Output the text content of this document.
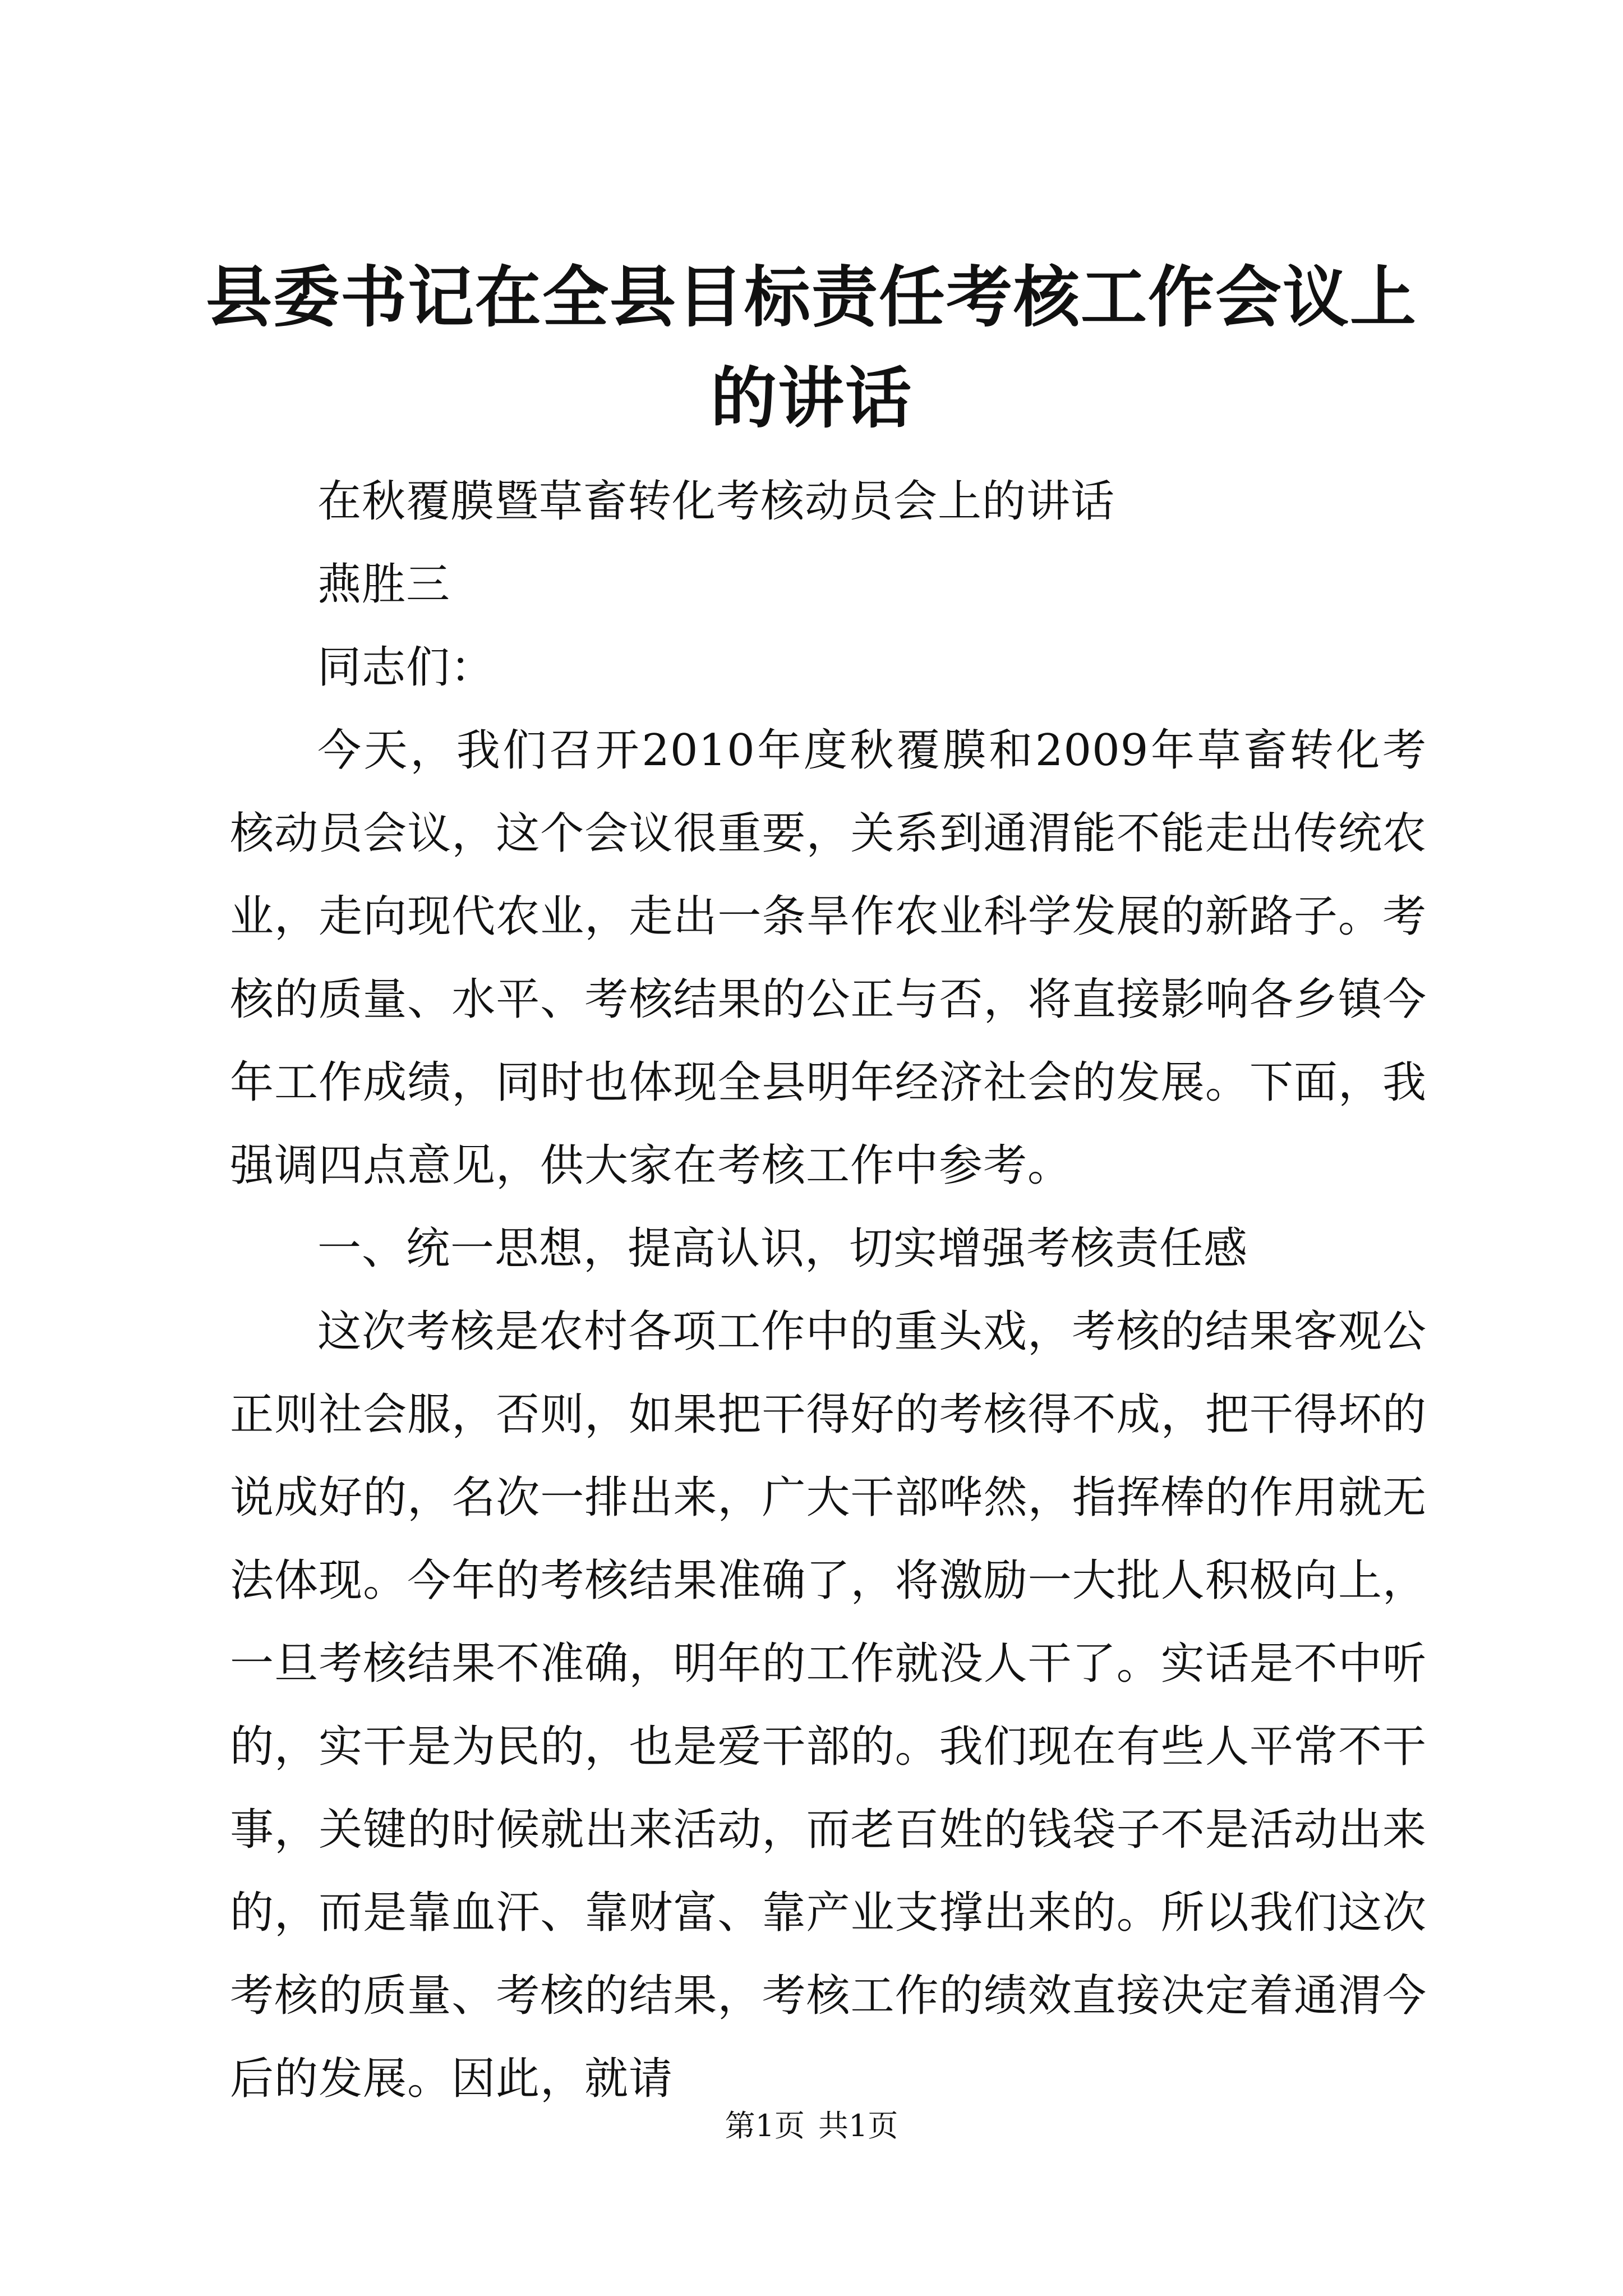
县委书记在全县目标责任考核工作会议上的讲话

在秋覆膜暨草畜转化考核动员会上的讲话

燕胜三

同志们：

今天，我们召开2010年度秋覆膜和2009年草畜转化考核动员会议，这个会议很重要，关系到通渭能不能走出传统农业，走向现代农业，走出一条旱作农业科学发展的新路子。考核的质量、水平、考核结果的公正与否，将直接影响各乡镇今年工作成绩，同时也体现全县明年经济社会的发展。下面，我强调四点意见，供大家在考核工作中参考。

一、统一思想，提高认识，切实增强考核责任感

这次考核是农村各项工作中的重头戏，考核的结果客观公正则社会服，否则，如果把干得好的考核得不成，把干得坏的说成好的，名次一排出来，广大干部哗然，指挥棒的作用就无法体现。今年的考核结果准确了，将激励一大批人积极向上，一旦考核结果不准确，明年的工作就没人干了。实话是不中听的，实干是为民的，也是爱干部的。我们现在有些人平常不干事，关键的时候就出来活动，而老百姓的钱袋子不是活动出来的，而是靠血汗、靠财富、靠产业支撑出来的。所以我们这次考核的质量、考核的结果，考核工作的绩效直接决定着通渭今后的发展。因此，就请

第1页 共1页
